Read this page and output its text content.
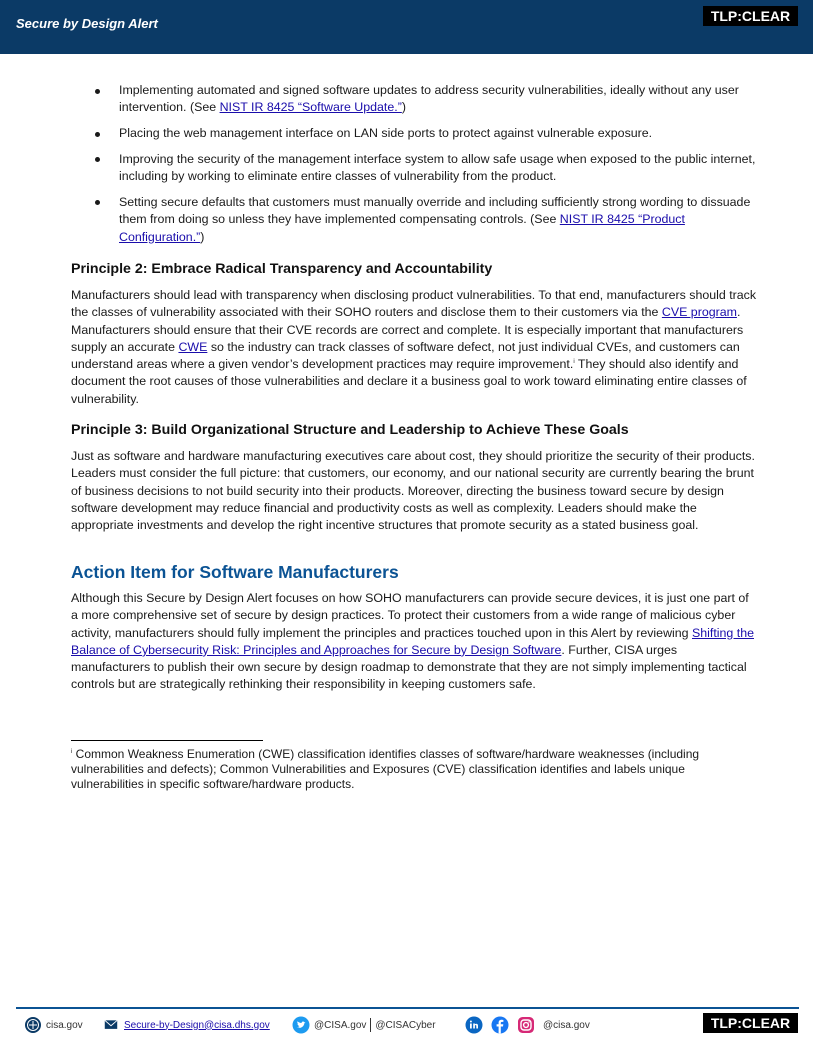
Secure by Design Alert	TLP:CLEAR
Implementing automated and signed software updates to address security vulnerabilities, ideally without any user intervention. (See NIST IR 8425 “Software Update.”)
Placing the web management interface on LAN side ports to protect against vulnerable exposure.
Improving the security of the management interface system to allow safe usage when exposed to the public internet, including by working to eliminate entire classes of vulnerability from the product.
Setting secure defaults that customers must manually override and including sufficiently strong wording to dissuade them from doing so unless they have implemented compensating controls. (See NIST IR 8425 “Product Configuration.”)
Principle 2: Embrace Radical Transparency and Accountability

Manufacturers should lead with transparency when disclosing product vulnerabilities. To that end, manufacturers should track the classes of vulnerability associated with their SOHO routers and disclose them to their customers via the CVE program. Manufacturers should ensure that their CVE records are correct and complete. It is especially important that manufacturers supply an accurate CWE so the industry can track classes of software defect, not just individual CVEs, and customers can understand areas where a given vendor’s development practices may require improvement.$^i$ They should also identify and document the root causes of those vulnerabilities and declare it a business goal to work toward eliminating entire classes of vulnerability.

Principle 3: Build Organizational Structure and Leadership to Achieve These Goals

Just as software and hardware manufacturing executives care about cost, they should prioritize the security of their products. Leaders must consider the full picture: that customers, our economy, and our national security are currently bearing the brunt of business decisions to not build security into their products. Moreover, directing the business toward secure by design software development may reduce financial and productivity costs as well as complexity. Leaders should make the appropriate investments and develop the right incentive structures that promote security as a stated business goal.

Action Item for Software Manufacturers

Although this Secure by Design Alert focuses on how SOHO manufacturers can provide secure devices, it is just one part of a more comprehensive set of secure by design practices. To protect their customers from a wide range of malicious cyber activity, manufacturers should fully implement the principles and practices touched upon in this Alert by reviewing Shifting the Balance of Cybersecurity Risk: Principles and Approaches for Secure by Design Software. Further, CISA urges manufacturers to publish their own secure by design roadmap to demonstrate that they are not simply implementing tactical controls but are strategically rethinking their responsibility in keeping customers safe.

$^i$ Common Weakness Enumeration (CWE) classification identifies classes of software/hardware weaknesses (including vulnerabilities and defects); Common Vulnerabilities and Exposures (CVE) classification identifies and labels unique vulnerabilities in specific software/hardware products.

cisa.gov	Secure-by-Design@cisa.dhs.gov	@CISA.gov @CISACyber	@cisa.gov	TLP:CLEAR
